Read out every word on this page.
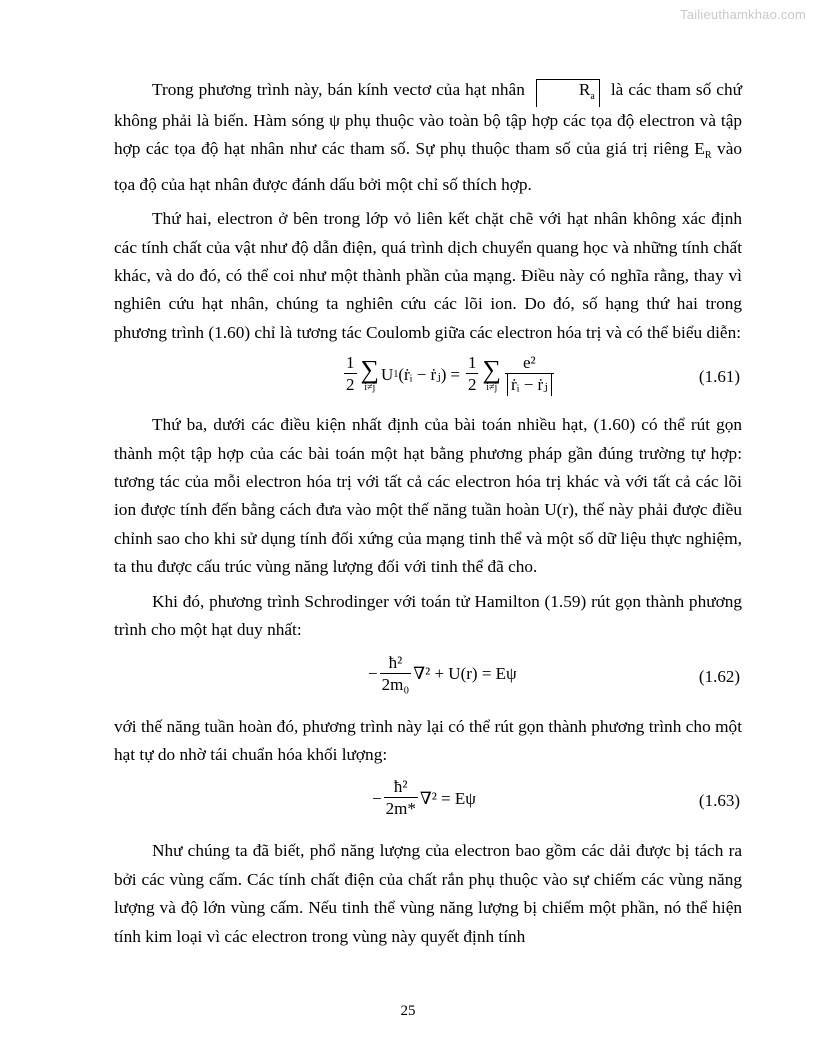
Tailieuthamkhao.com

Trong phương trình này, bán kính vectơ của hạt nhân	$R_a$ là các tham số chứ không phải là biến. Hàm sóng ψ phụ thuộc vào toàn bộ tập hợp các tọa độ electron và tập hợp các tọa độ hạt nhân như các tham số. Sự phụ thuộc tham số của giá trị riêng $E_R$ vào tọa độ của hạt nhân được đánh dấu bởi một chỉ số thích hợp.

Thứ hai, electron ở bên trong lớp vỏ liên kết chặt chẽ với hạt nhân không xác định các tính chất của vật như độ dẫn điện, quá trình dịch chuyển quang học và những tính chất khác, và do đó, có thể coi như một thành phần của mạng. Điều này có nghĩa rằng, thay vì nghiên cứu hạt nhân, chúng ta nghiên cứu các lõi ion. Do đó, số hạng thứ hai trong phương trình (1.60) chỉ là tương tác Coulomb giữa các electron hóa trị và có thể biểu diễn:

$\frac{1}{2}$ ∑
i≠j
U 1 (ṙᵢ − ṙⱼ) = $\frac{1}{2}$ ∑
$i\ne j \frac{\text{e²}}{\text{ṙᵢ − ṙⱼ}}$	(1.61)

Thứ ba, dưới các điều kiện nhất định của bài toán nhiều hạt, (1.60) có thể rút gọn thành một tập hợp của các bài toán một hạt bằng phương pháp gần đúng trường tự hợp: tương tác của mỗi electron hóa trị với tất cả các electron hóa trị khác và với tất cả các lõi ion được tính đến bằng cách đưa vào một thế năng tuần hoàn U(r), thế này phải được điều chỉnh sao cho khi sử dụng tính đối xứng của mạng tinh thể và một số dữ liệu thực nghiệm, ta thu được cấu trúc vùng năng lượng đối với tinh thể đã cho.

Khi đó, phương trình Schrodinger với toán tử Hamilton (1.59) rút gọn thành phương trình cho một hạt duy nhất:

− $\frac{\text{ħ²}}{\text{2m₀}} \nabla^2 + U(r) = E\psi$	(1.62)

với thế năng tuần hoàn đó, phương trình này lại có thể rút gọn thành phương trình cho một hạt tự do nhờ tái chuẩn hóa khối lượng:

− $\frac{\text{ħ²}}{2m*} \nabla^2 = E\psi$	(1.63)

Như chúng ta đã biết, phổ năng lượng của electron bao gồm các dải được bị tách ra bởi các vùng cấm. Các tính chất điện của chất rắn phụ thuộc vào sự chiếm các vùng năng lượng và độ lớn vùng cấm. Nếu tinh thể vùng năng lượng bị chiếm một phần, nó thể hiện tính kim loại vì các electron trong vùng này quyết định tính

25
